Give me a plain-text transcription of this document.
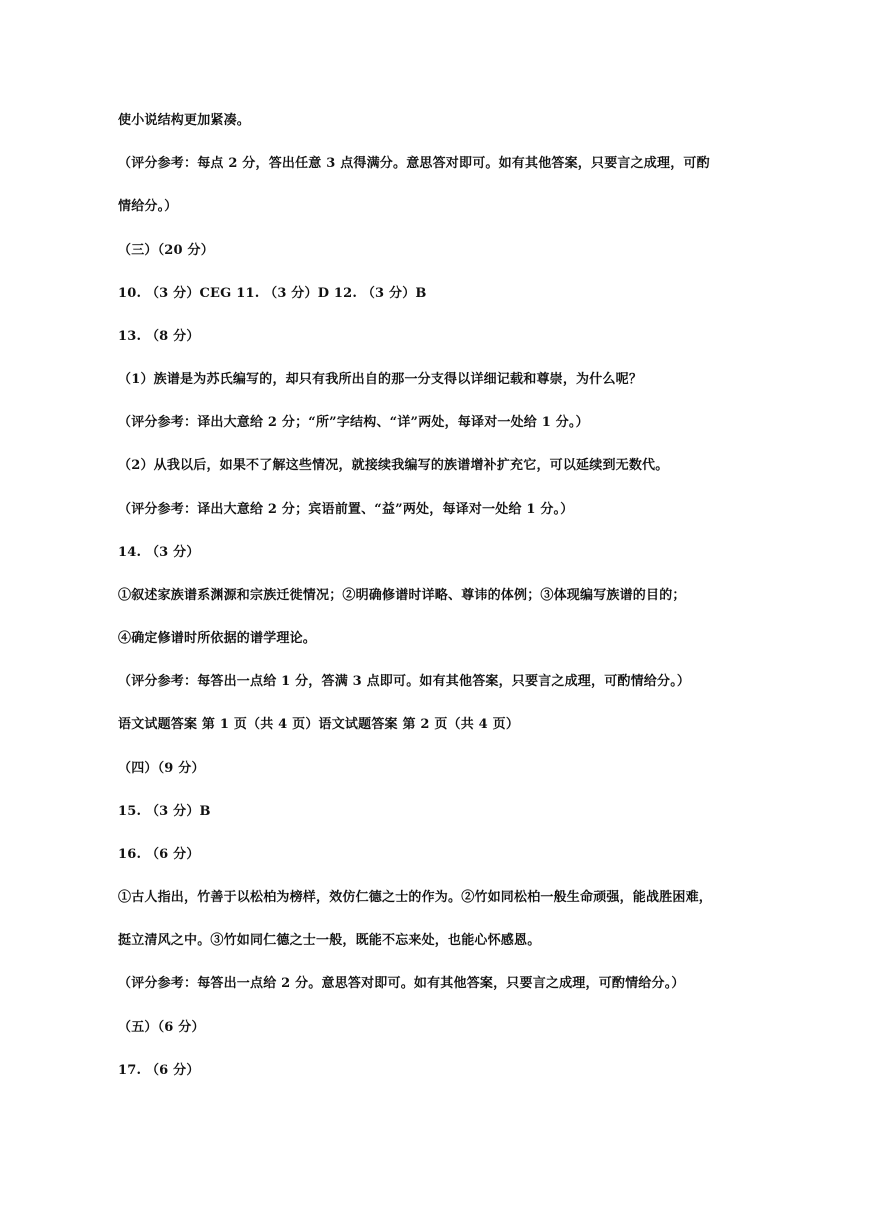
使小说结构更加紧凑。
（评分参考：每点 2 分，答出任意 3 点得满分。意思答对即可。如有其他答案，只要言之成理，可酌
情给分。）
（三）（20 分）
10. （3 分）CEG 11. （3 分）D 12. （3 分）B
13. （8 分）
（1）族谱是为苏氏编写的，却只有我所出自的那一分支得以详细记载和尊崇，为什么呢？
（评分参考：译出大意给 2 分；“所”字结构、“详”两处，每译对一处给 1 分。）
（2）从我以后，如果不了解这些情况，就接续我编写的族谱增补扩充它，可以延续到无数代。
（评分参考：译出大意给 2 分；宾语前置、“益”两处，每译对一处给 1 分。）
14. （3 分）
①叙述家族谱系渊源和宗族迁徙情况；②明确修谱时详略、尊讳的体例；③体现编写族谱的目的；
④确定修谱时所依据的谱学理论。
（评分参考：每答出一点给 1 分，答满 3 点即可。如有其他答案，只要言之成理，可酌情给分。）
语文试题答案 第 1 页（共 4 页）语文试题答案 第 2 页（共 4 页）
（四）（9 分）
15. （3 分）B
16. （6 分）
①古人指出，竹善于以松柏为榜样，效仿仁德之士的作为。②竹如同松柏一般生命顽强，能战胜困难，
挺立清风之中。③竹如同仁德之士一般，既能不忘来处，也能心怀感恩。
（评分参考：每答出一点给 2 分。意思答对即可。如有其他答案，只要言之成理，可酌情给分。）
（五）（6 分）
17. （6 分）
